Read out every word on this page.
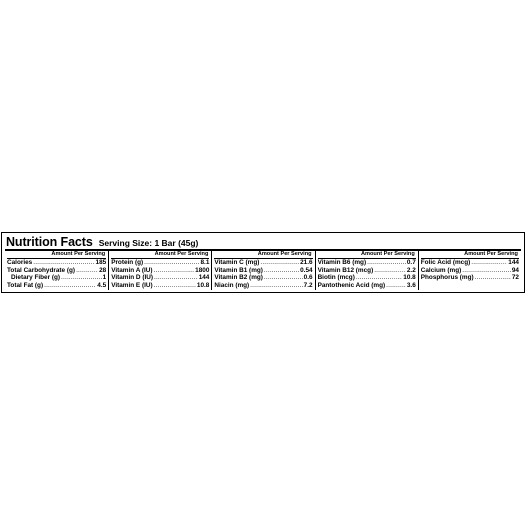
Nutrition Facts Serving Size: 1 Bar (45g)
Amount Per Serving
Calories .....	185
Total Carbohydrate (g) .....	28
Dietary Fiber (g) .....	1
Total Fat (g) .....	4.5
Amount Per Serving
Protein (g) .....	8.1
Vitamin A (IU) .....	1800
Vitamin D (IU) .....	144
Vitamin E (IU) .....	10.8
Amount Per Serving
Vitamin C (mg) .....	21.6
Vitamin B1 (mg) .....	0.54
Vitamin B2 (mg) .....	0.6
Niacin (mg) .....	7.2
Amount Per Serving
Vitamin B6 (mg) .....	0.7
Vitamin B12 (mcg) .....	2.2
Biotin (mcg) .....	10.8
Pantothenic Acid (mg) .....	3.6
Amount Per Serving
Folic Acid (mcg) .....	144
Calcium (mg) .....	94
Phosphorus (mg) .....	72
